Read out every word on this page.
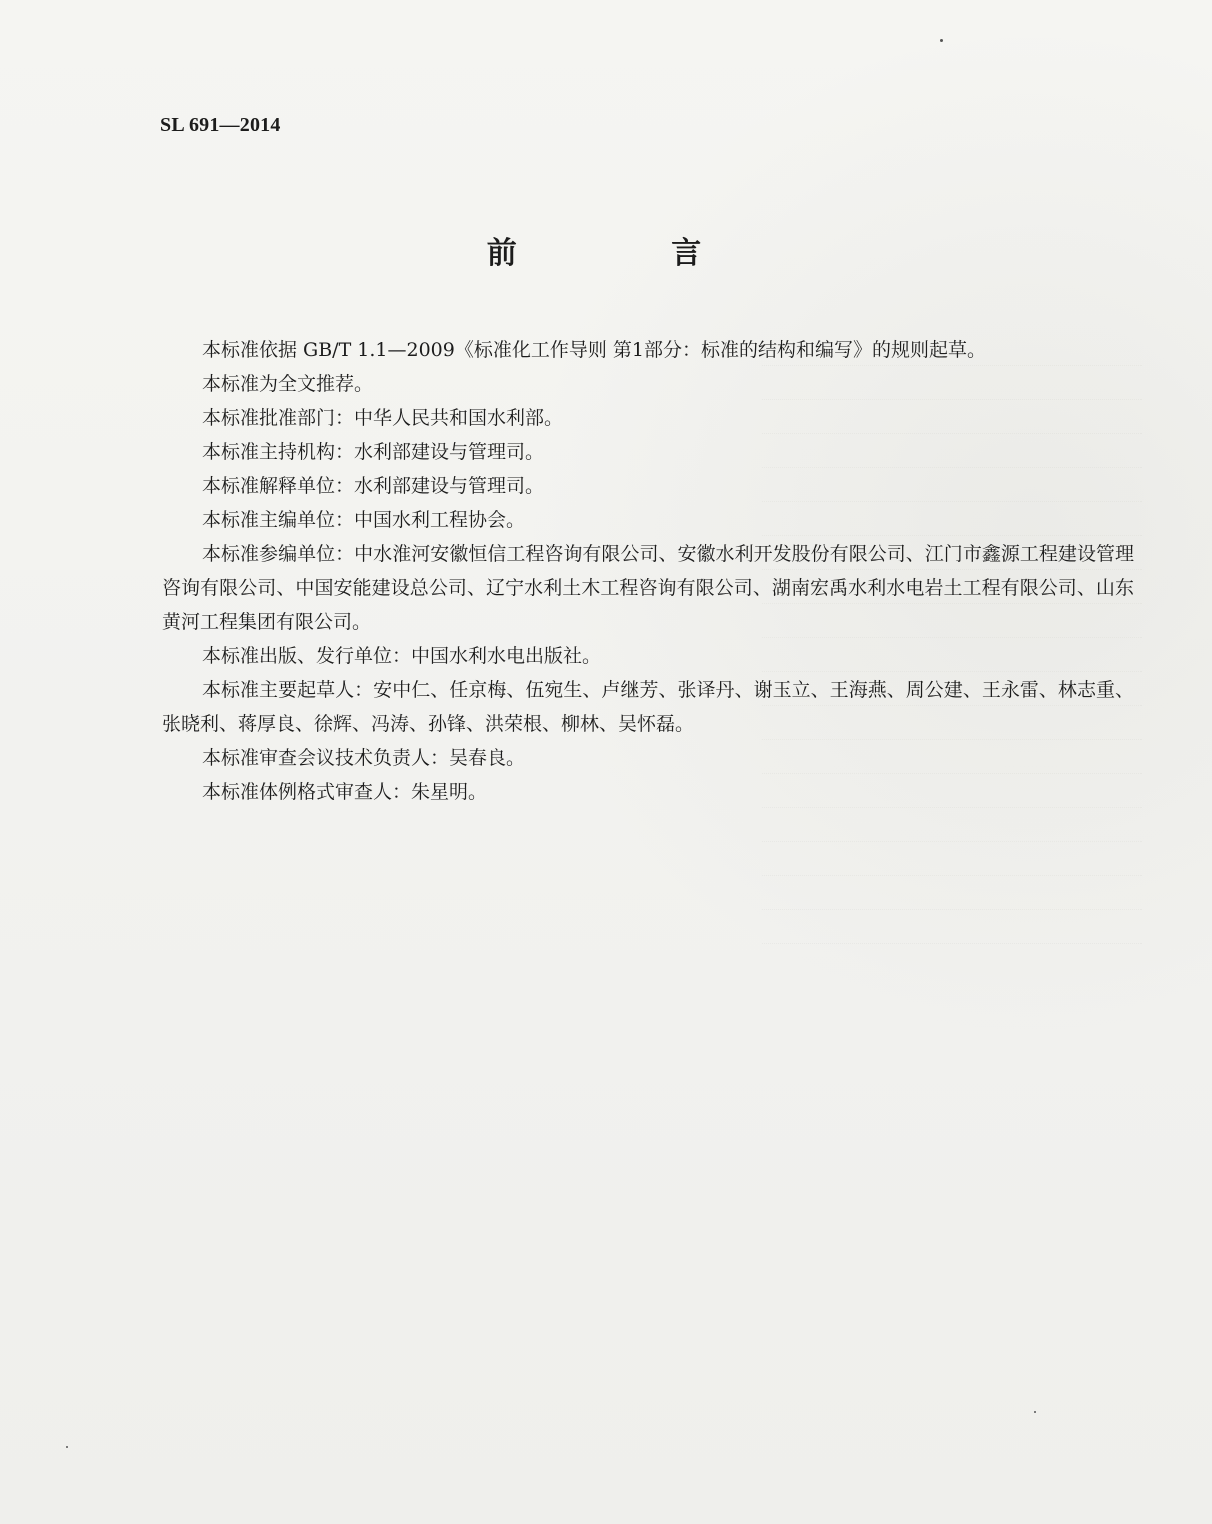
SL 691—2014
前 言

本标准依据 GB/T 1.1—2009《标准化工作导则 第1部分：标准的结构和编写》的规则起草。

本标准为全文推荐。

本标准批准部门：中华人民共和国水利部。

本标准主持机构：水利部建设与管理司。

本标准解释单位：水利部建设与管理司。

本标准主编单位：中国水利工程协会。

本标准参编单位：中水淮河安徽恒信工程咨询有限公司、安徽水利开发股份有限公司、江门市鑫源工程建设管理咨询有限公司、中国安能建设总公司、辽宁水利土木工程咨询有限公司、湖南宏禹水利水电岩土工程有限公司、山东黄河工程集团有限公司。

本标准出版、发行单位：中国水利水电出版社。

本标准主要起草人：安中仁、任京梅、伍宛生、卢继芳、张译丹、谢玉立、王海燕、周公建、王永雷、林志重、张晓利、蒋厚良、徐辉、冯涛、孙锋、洪荣根、柳林、吴怀磊。

本标准审查会议技术负责人：吴春良。

本标准体例格式审查人：朱星明。
